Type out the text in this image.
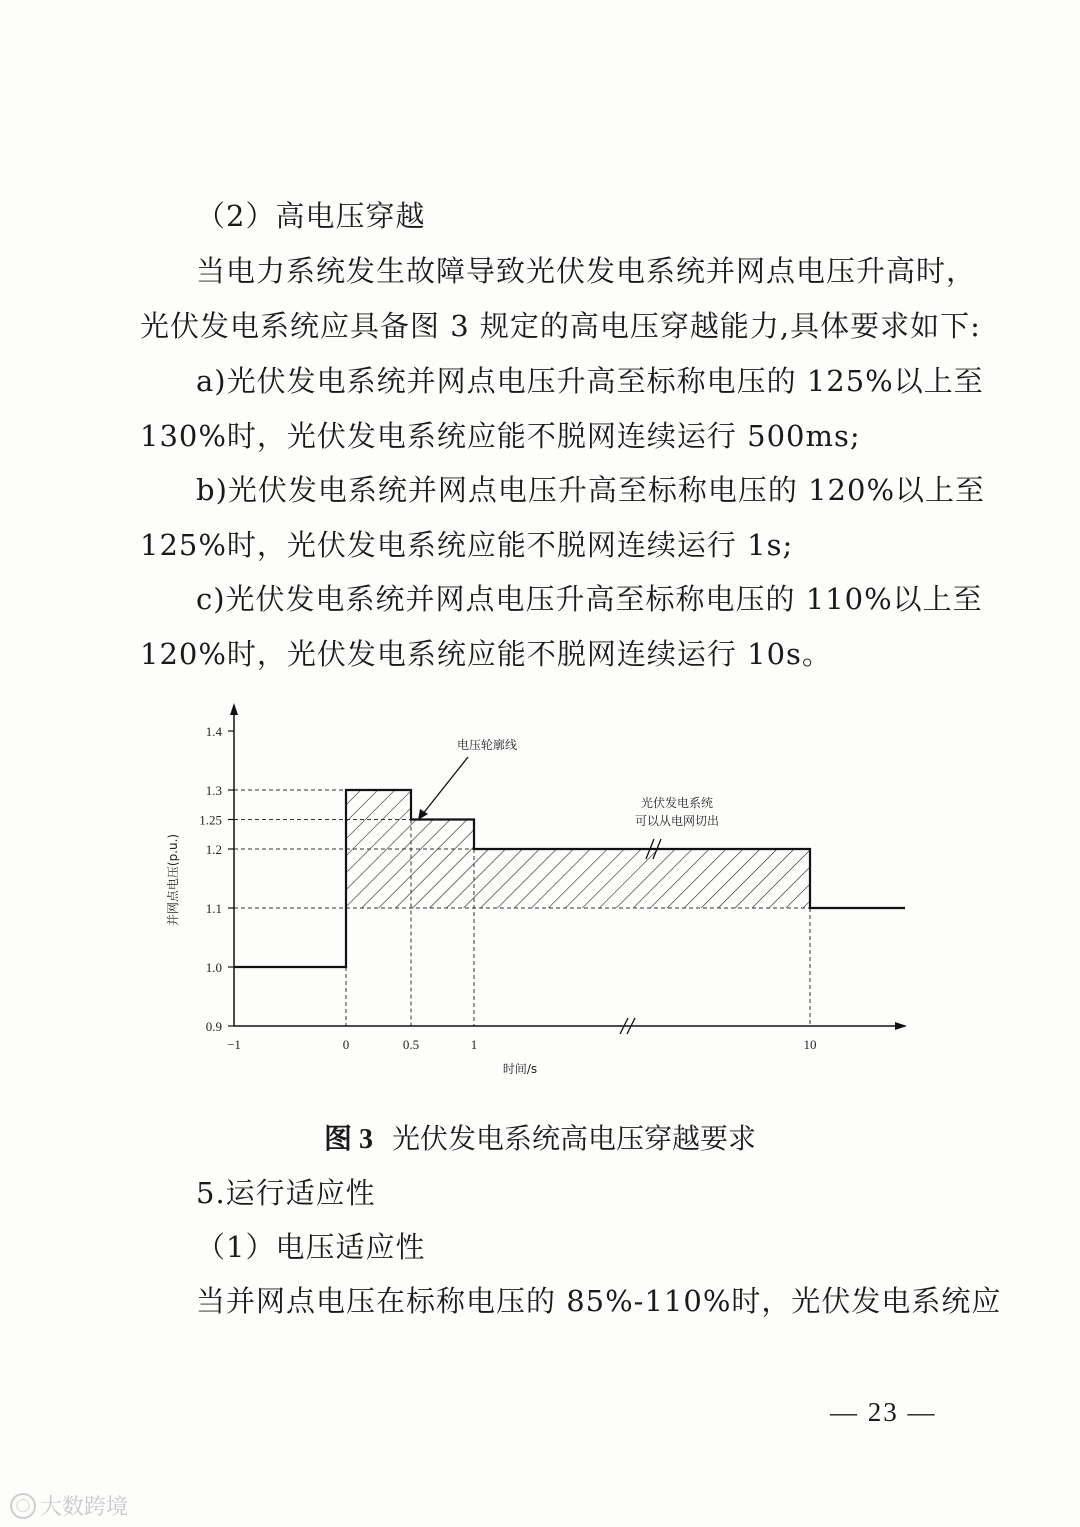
（2）高电压穿越
当电力系统发生故障导致光伏发电系统并网点电压升高时，
光伏发电系统应具备图 3 规定的高电压穿越能力,具体要求如下:
a)光伏发电系统并网点电压升高至标称电压的 125%以上至
130%时，光伏发电系统应能不脱网连续运行 500ms;
b)光伏发电系统并网点电压升高至标称电压的 120%以上至
125%时，光伏发电系统应能不脱网连续运行 1s;
c)光伏发电系统并网点电压升高至标称电压的 110%以上至
120%时，光伏发电系统应能不脱网连续运行 10s。
1.4
1.3
1.25
1.2
1.1
1.0
0.9
−1	0	0.5	1	10
并网点电压(p.u.)
时间/s
电压轮廓线
光伏发电系统
可以从电网切出
图 3 光伏发电系统高电压穿越要求
5.运行适应性
（1）电压适应性
当并网点电压在标称电压的 85%-110%时，光伏发电系统应
— 23 —
◯ 大数跨境
